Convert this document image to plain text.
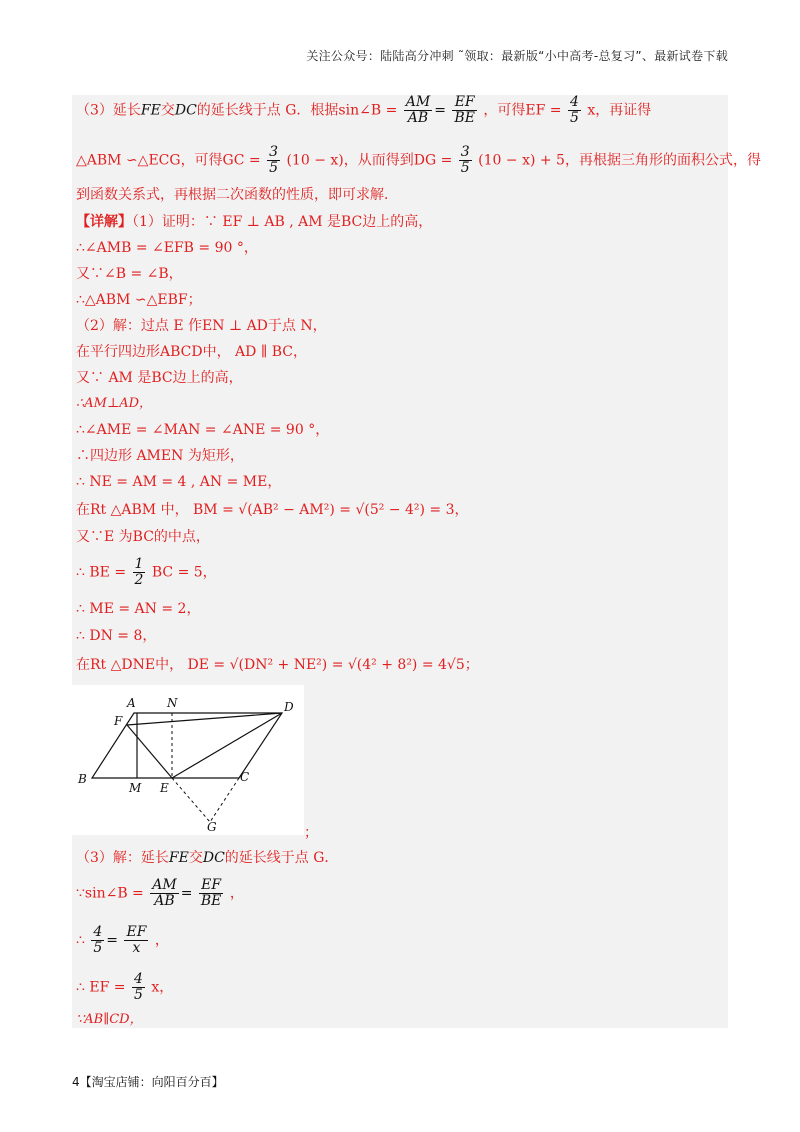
关注公众号：陆陆高分冲刺 ˜领取：最新版“小中高考-总复习”、最新试卷下载
（3）延长FE交DC的延长线于点 G．根据sin∠B = $\frac{AM}{AB} = \frac{EF}{BE}$ ，可得EF = $\frac{4}{5}$ x，再证得
△ABM ∽△ECG，可得GC = $\frac{3}{5} (10 - x)$，从而得到DG = $\frac{3}{5} (10 - x) + 5$，再根据三角形的面积公式，得
到函数关系式，再根据二次函数的性质，即可求解．
【详解】（1）证明：∵ EF ⊥ AB , AM 是BC边上的高，
∴∠AMB = ∠EFB = 90 °，
又∵∠B = ∠B，
∴△ABM ∽△EBF；
（2）解：过点 E 作EN ⊥ AD于点 N，
在平行四边形ABCD中， AD ∥ BC，
又∵ AM 是BC边上的高，
∴AM⊥AD，
∴∠AME = ∠MAN = ∠ANE = 90 °，
∴四边形 AMEN 为矩形，
∴ NE = AM = 4 , AN = ME，
在Rt △ABM 中， BM = √(AB² − AM²) = √(5² − 4²) = 3，
又∵E 为BC的中点，
∴ BE = $\frac{1}{2}$ BC = 5，
∴ ME = AN = 2，
∴ DN = 8，
在Rt △DNE中， DE = √(DN² + NE²) = √(4² + 8²) = 4√5；
A	N	D
F
B
M E
C
G	；
（3）解：延长FE交DC的延长线于点 G．
∵sin∠B = $\frac{AM}{AB} = \frac{EF}{BE}$ ，
∴ $\frac{4}{5} = \frac{EF}{x}$ ，
∴ EF = $\frac{4}{5}$ x，
∵AB∥CD，
4【淘宝店铺：向阳百分百】
